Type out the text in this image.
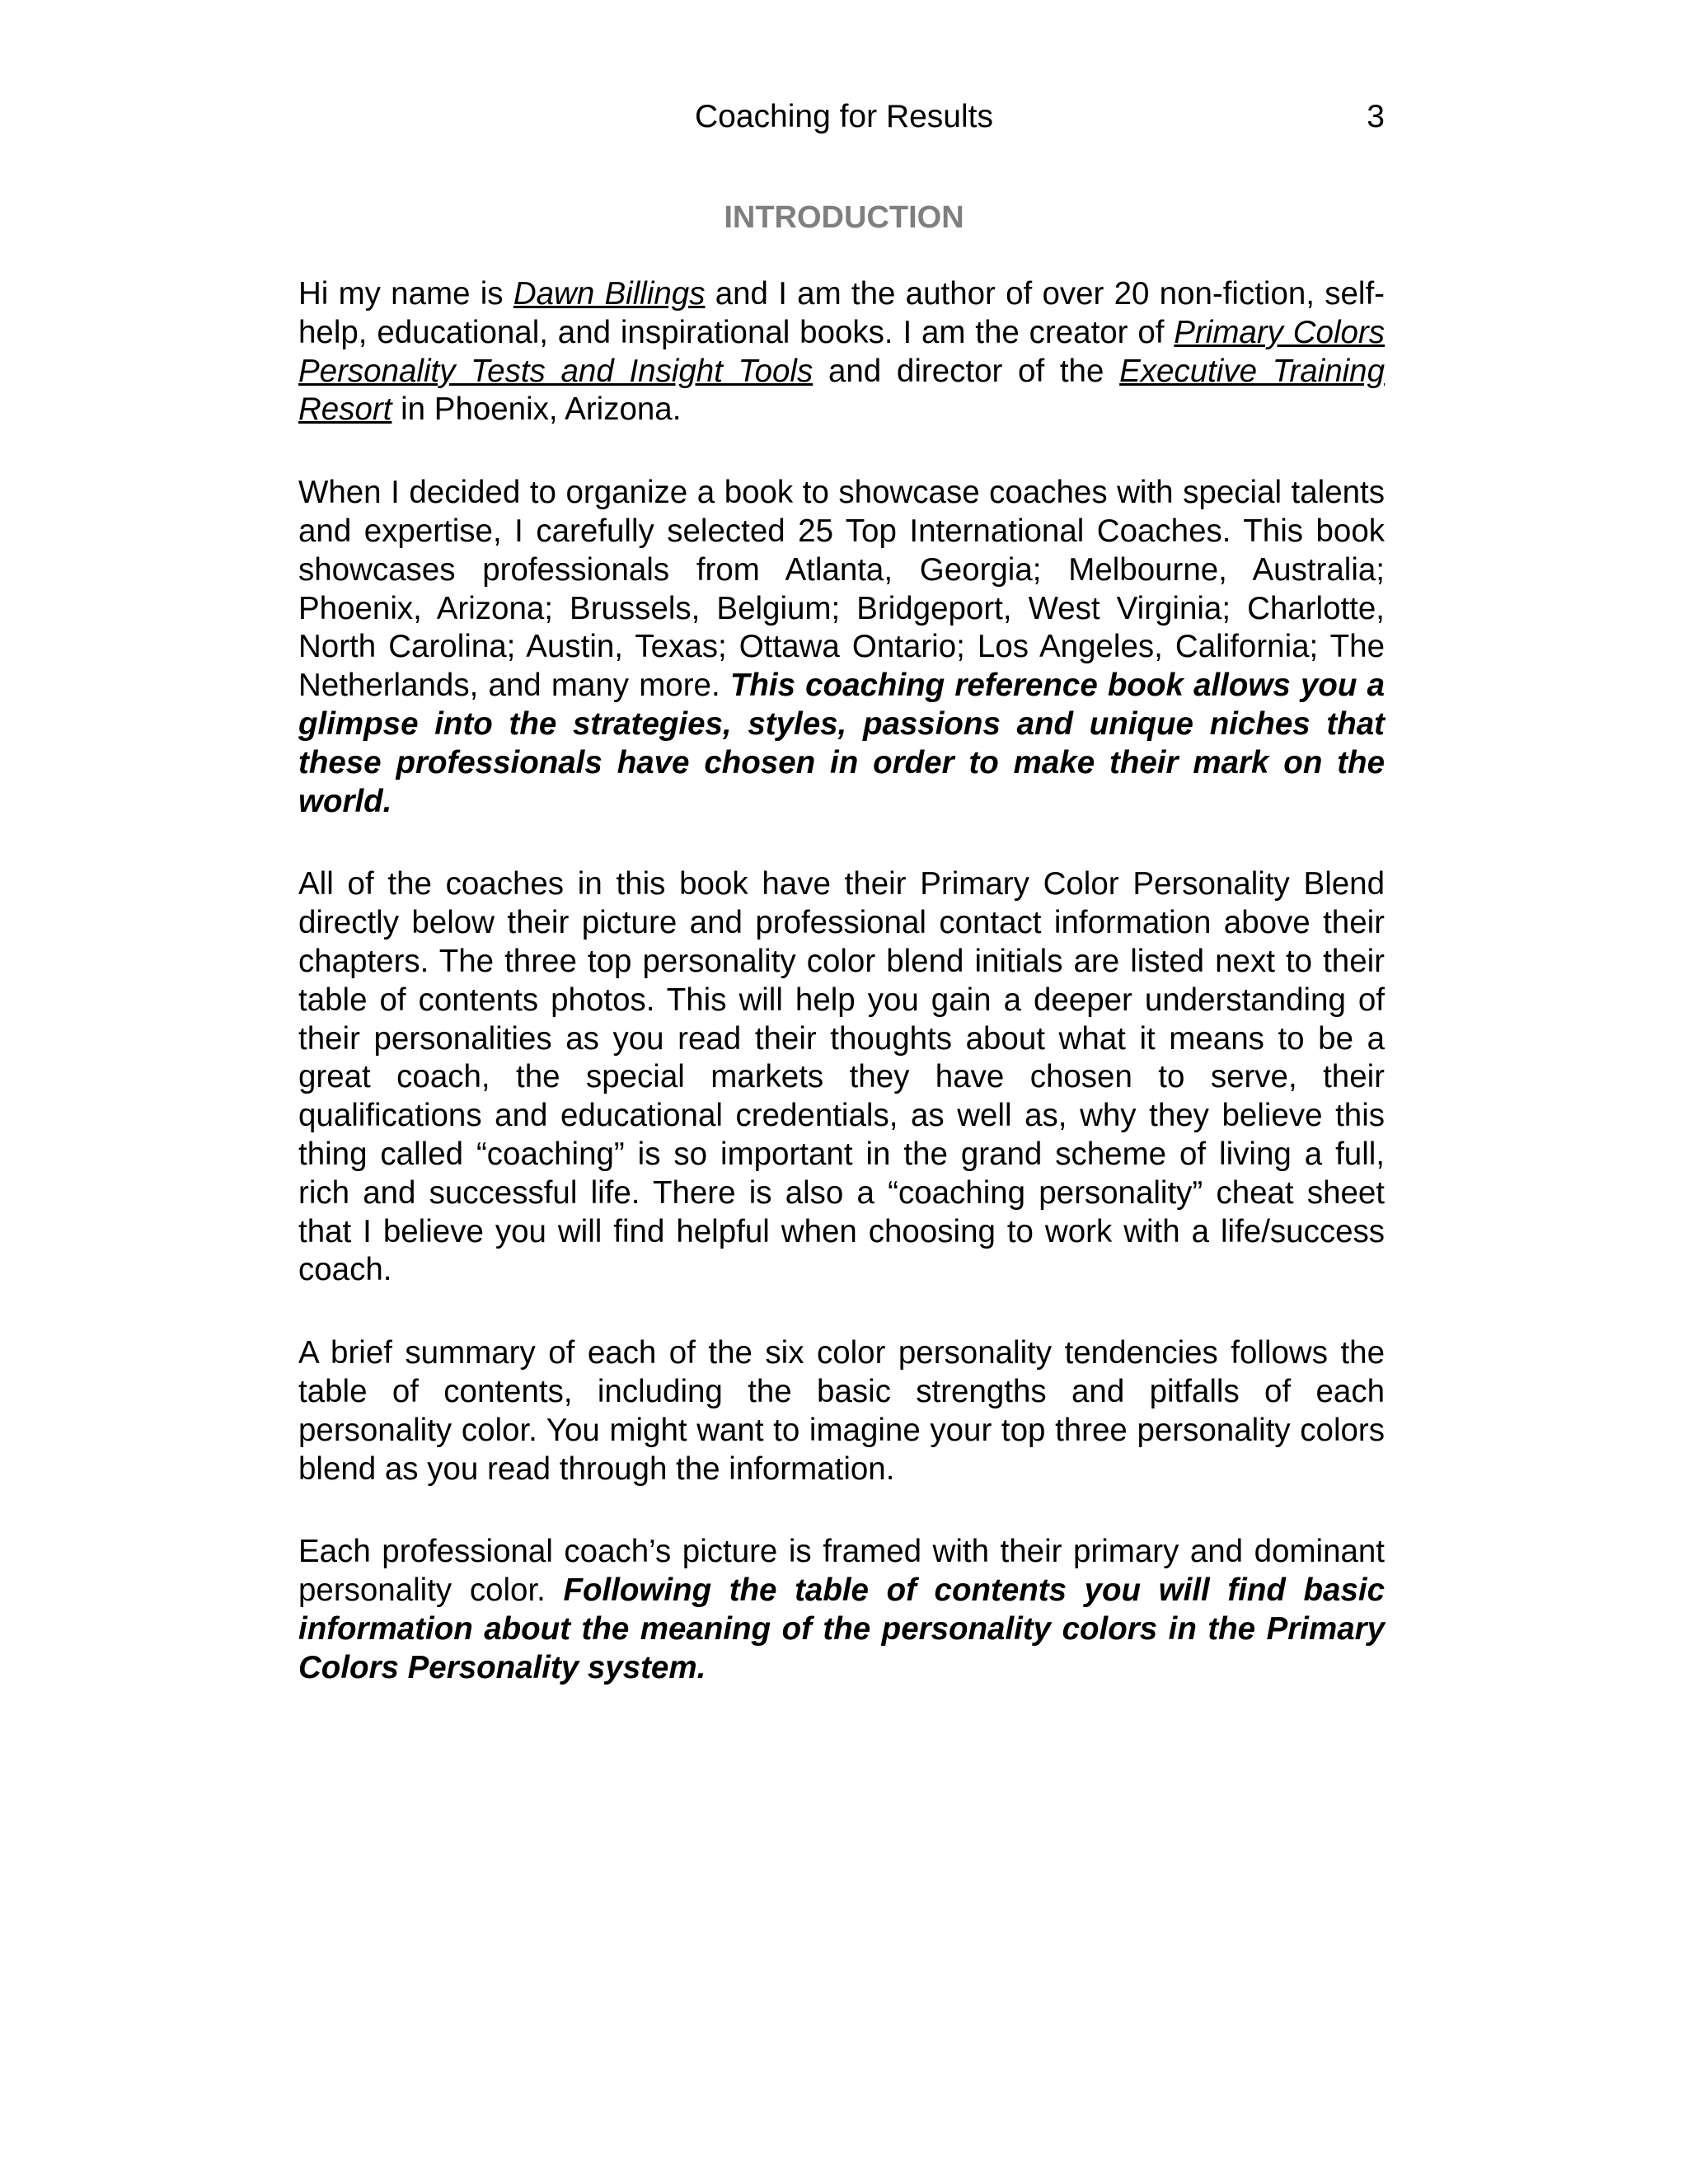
Coaching for Results	3
INTRODUCTION

Hi my name is Dawn Billings and I am the author of over 20 non-fiction, self-help, educational, and inspirational books. I am the creator of Primary Colors Personality Tests and Insight Tools and director of the Executive Training Resort in Phoenix, Arizona.

When I decided to organize a book to showcase coaches with special talents and expertise, I carefully selected 25 Top International Coaches. This book showcases professionals from Atlanta, Georgia; Melbourne, Australia; Phoenix, Arizona; Brussels, Belgium; Bridgeport, West Virginia; Charlotte, North Carolina; Austin, Texas; Ottawa Ontario; Los Angeles, California; The Netherlands, and many more. This coaching reference book allows you a glimpse into the strategies, styles, passions and unique niches that these professionals have chosen in order to make their mark on the world.

All of the coaches in this book have their Primary Color Personality Blend directly below their picture and professional contact information above their chapters. The three top personality color blend initials are listed next to their table of contents photos. This will help you gain a deeper understanding of their personalities as you read their thoughts about what it means to be a great coach, the special markets they have chosen to serve, their qualifications and educational credentials, as well as, why they believe this thing called “coaching” is so important in the grand scheme of living a full, rich and successful life. There is also a “coaching personality” cheat sheet that I believe you will find helpful when choosing to work with a life/success coach.

A brief summary of each of the six color personality tendencies follows the table of contents, including the basic strengths and pitfalls of each personality color. You might want to imagine your top three personality colors blend as you read through the information.

Each professional coach’s picture is framed with their primary and dominant personality color. Following the table of contents you will find basic information about the meaning of the personality colors in the Primary Colors Personality system.
